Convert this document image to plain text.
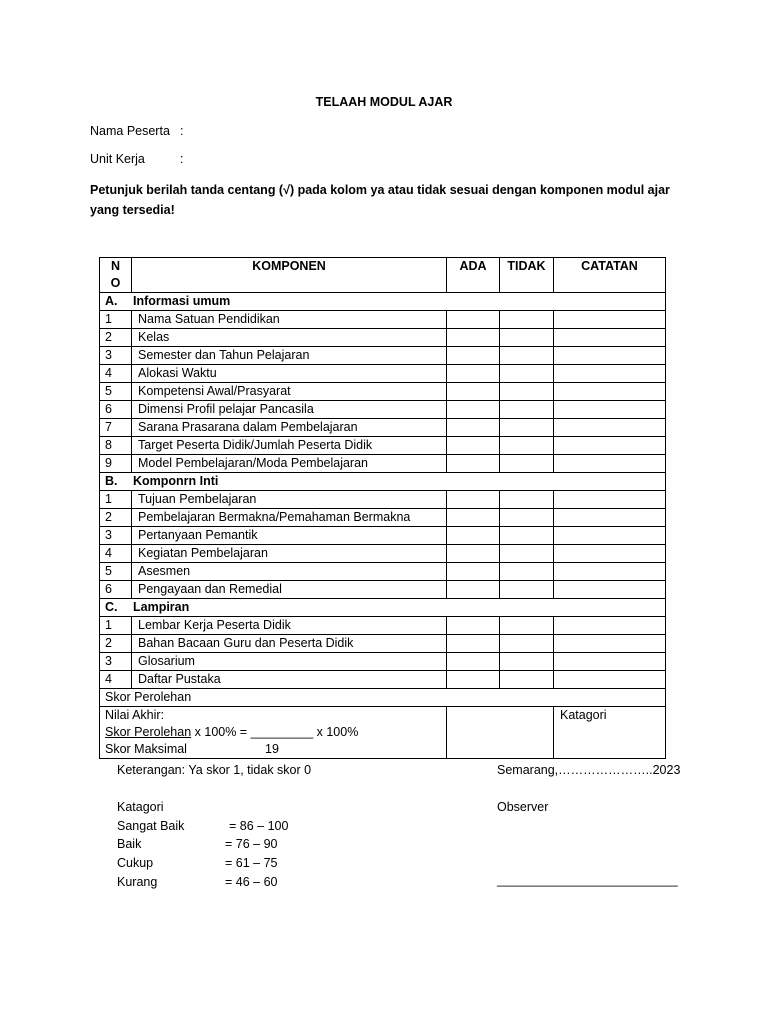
TELAAH MODUL AJAR
Nama Peserta :
Unit Kerja	:
Petunjuk berilah tanda centang (√) pada kolom ya atau tidak sesuai dengan komponen modul ajar yang tersedia!
N
O	KOMPONEN	ADA	TIDAK	CATATAN
A. Informasi umum				
1	Nama Satuan Pendidikan			
2	Kelas			
3	Semester dan Tahun Pelajaran			
4	Alokasi Waktu			
5	Kompetensi Awal/Prasyarat			
6	Dimensi Profil pelajar Pancasila			
7	Sarana Prasarana dalam Pembelajaran			
8	Target Peserta Didik/Jumlah Peserta Didik			
9	Model Pembelajaran/Moda Pembelajaran			
B. Komponrn Inti				
1	Tujuan Pembelajaran			
2	Pembelajaran Bermakna/Pemahaman Bermakna			
3	Pertanyaan Pemantik			
4	Kegiatan Pembelajaran			
5	Asesmen			
6	Pengayaan dan Remedial			
C. Lampiran				
1	Lembar Kerja Peserta Didik			
2	Bahan Bacaan Guru dan Peserta Didik			
3	Glosarium			
4	Daftar Pustaka			
Skor Perolehan				

Nilai Akhir:
Skor Perolehan x 100% = _________ x 100%
Skor Maksimal 19				Katagori
Keterangan: Ya skor 1, tidak skor 0	Semarang,…………………..2023
Katagori	Observer
Sangat Baik	= 86 – 100
Baik	= 76 – 90
Cukup	= 61 – 75
Kurang	= 46 – 60	__________________________
